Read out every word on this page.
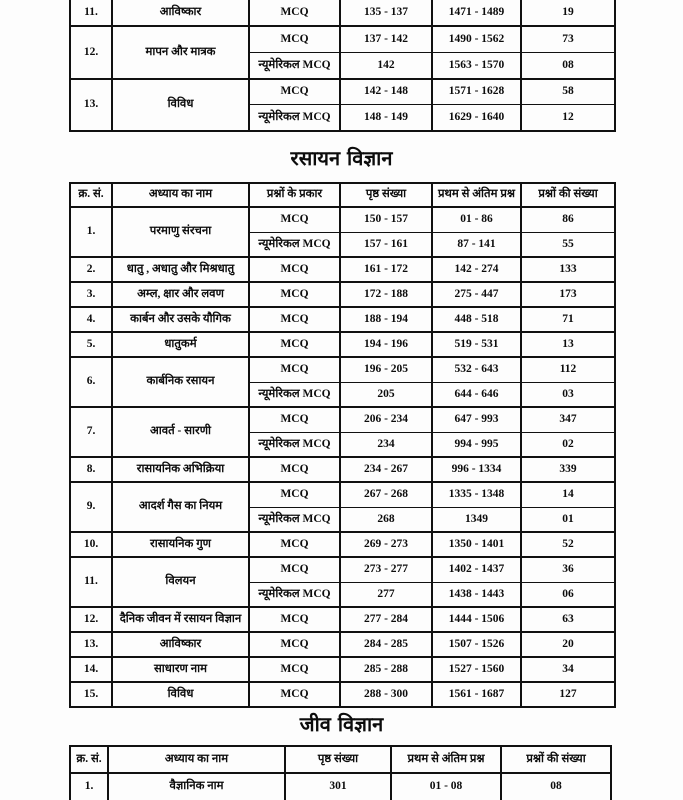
11.	आविष्कार	MCQ	135 - 137	1471 - 1489	19
12.	मापन और मात्रक	MCQ	137 - 142	1490 - 1562	73
		न्यूमेरिकल MCQ	142	1563 - 1570	08
13.	विविध	MCQ	142 - 148	1571 - 1628	58
		न्यूमेरिकल MCQ	148 - 149	1629 - 1640	12
रसायन विज्ञान
क्र. सं.	अध्याय का नाम	प्रश्नों के प्रकार	पृष्ठ संख्या	प्रथम से अंतिम प्रश्न	प्रश्नों की संख्या
1.	परमाणु संरचना	MCQ	150 - 157	01 - 86	86
		न्यूमेरिकल MCQ	157 - 161	87 - 141	55
2.	धातु , अधातु और मिश्रधातु	MCQ	161 - 172	142 - 274	133
3.	अम्ल, क्षार और लवण	MCQ	172 - 188	275 - 447	173
4.	कार्बन और उसके यौगिक	MCQ	188 - 194	448 - 518	71
5.	धातुकर्म	MCQ	194 - 196	519 - 531	13
6.	कार्बनिक रसायन	MCQ	196 - 205	532 - 643	112
		न्यूमेरिकल MCQ	205	644 - 646	03
7.	आवर्त - सारणी	MCQ	206 - 234	647 - 993	347
		न्यूमेरिकल MCQ	234	994 - 995	02
8.	रासायनिक अभिक्रिया	MCQ	234 - 267	996 - 1334	339
9.	आदर्श गैस का नियम	MCQ	267 - 268	1335 - 1348	14
		न्यूमेरिकल MCQ	268	1349	01
10.	रासायनिक गुण	MCQ	269 - 273	1350 - 1401	52
11.	विलयन	MCQ	273 - 277	1402 - 1437	36
		न्यूमेरिकल MCQ	277	1438 - 1443	06
12.	दैनिक जीवन में रसायन विज्ञान	MCQ	277 - 284	1444 - 1506	63
13.	आविष्कार	MCQ	284 - 285	1507 - 1526	20
14.	साधारण नाम	MCQ	285 - 288	1527 - 1560	34
15.	विविध	MCQ	288 - 300	1561 - 1687	127
जीव विज्ञान
क्र. सं.	अध्याय का नाम	पृष्ठ संख्या	प्रथम से अंतिम प्रश्न	प्रश्नों की संख्या
1.	वैज्ञानिक नाम	301	01 - 08	08
